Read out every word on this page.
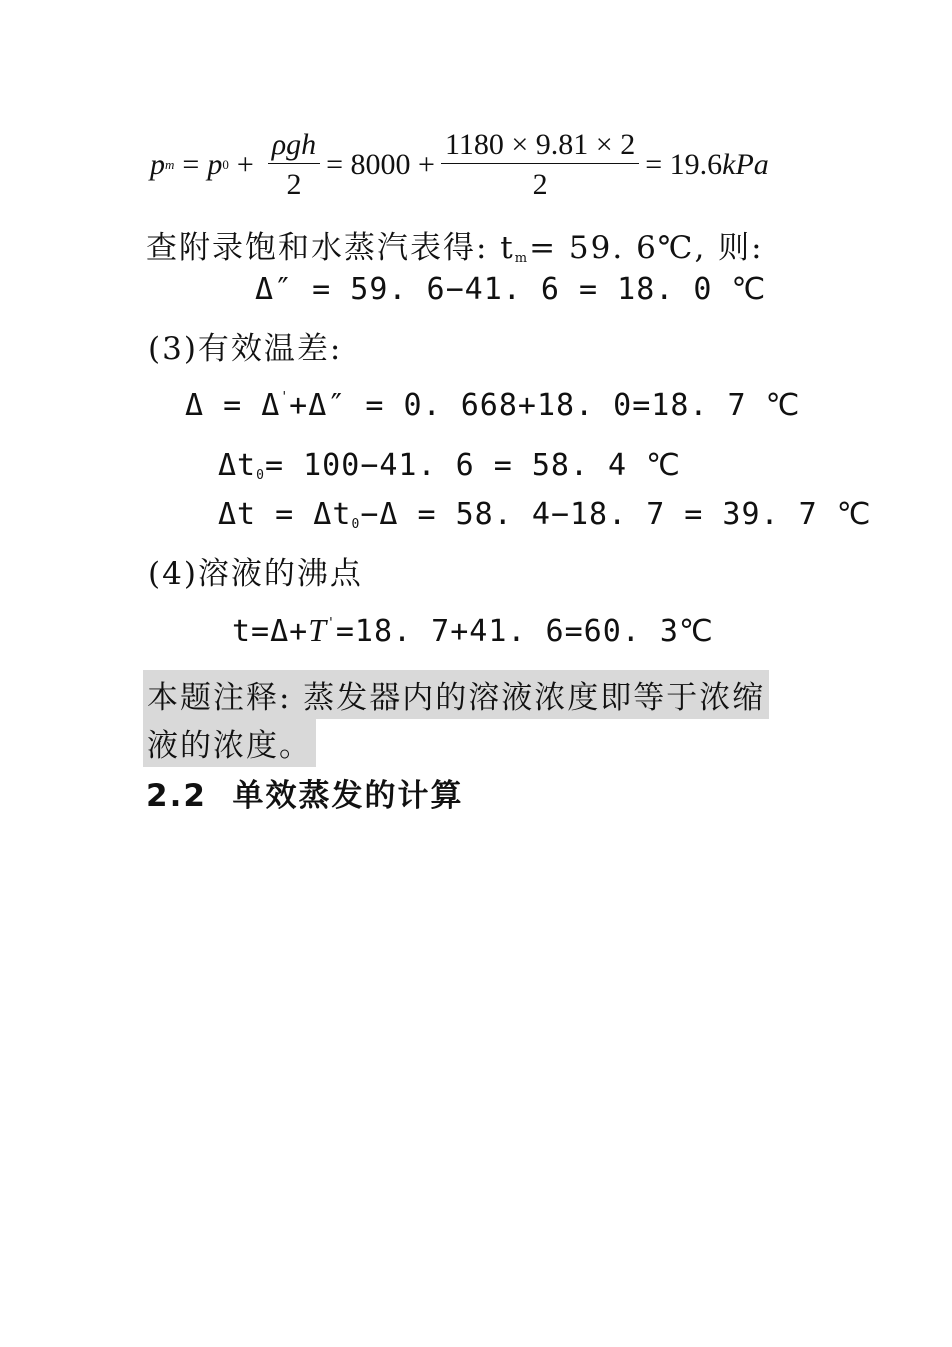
p m = p $0 + \frac{\text{ρgh}}{2} = 8000 + \frac{1180 \times 9.81 \times 2}{2} = 19.6$ kPa
查附录饱和水蒸汽表得: $t_m= 59$. 6℃, 则:
Δ″ = 59. 6−41. 6 = 18. 0 ℃
(3)有效温差:
Δ = Δ'+Δ″ = 0. 668+18. 0=18. 7 ℃
$\Delta t_0= 100-41$. 6 = 58. 4 ℃
$\Delta t = \Delta t_0-\Delta = 58$. 4−18. 7 = 39. 7 ℃
(4)溶液的沸点
t=Δ+T'=18. 7+41. 6=60. 3℃
本题注释: 蒸发器内的溶液浓度即等于浓缩
液的浓度。
2.2  单效蒸发的计算
